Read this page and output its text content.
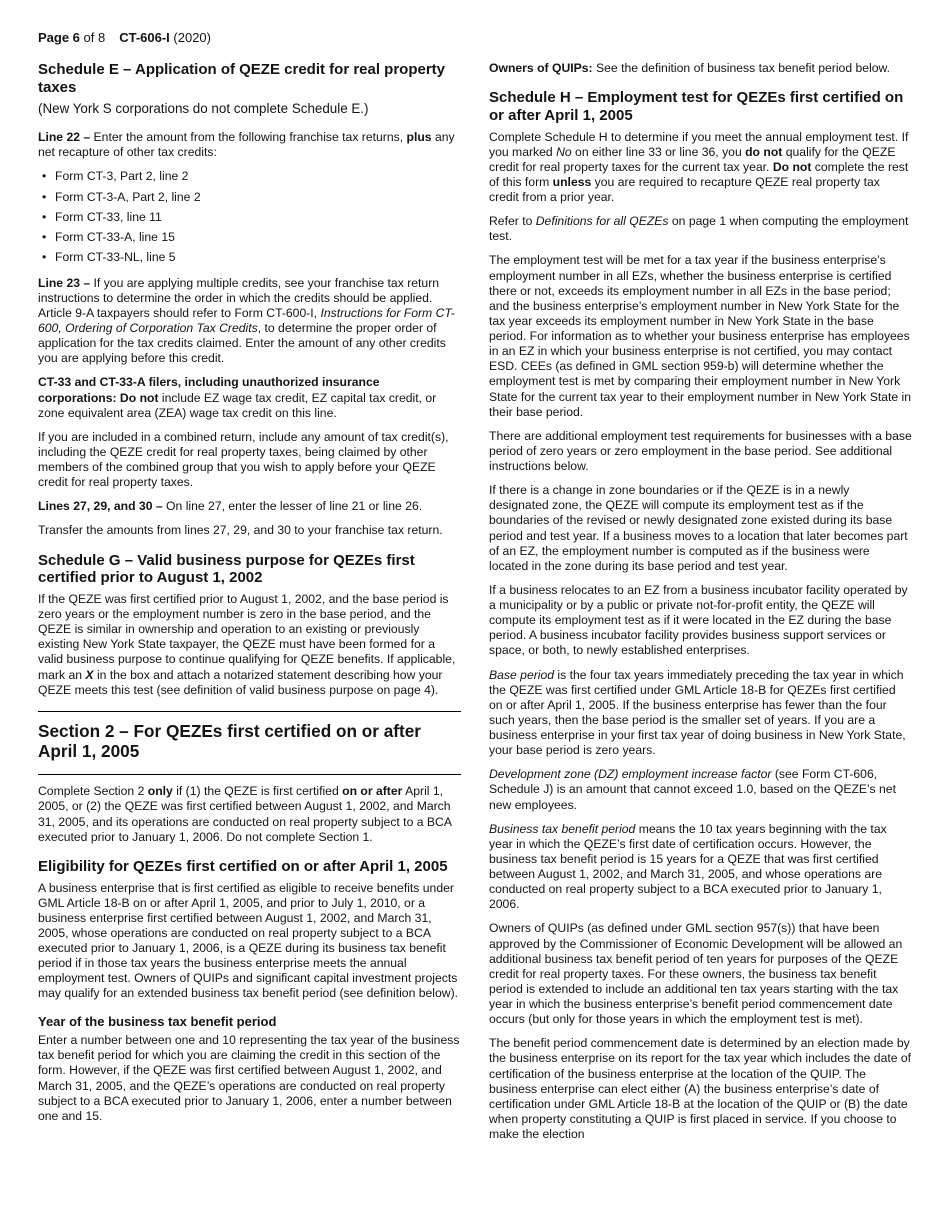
Page 6 of 8 CT-606-I (2020)
Schedule E – Application of QEZE credit for real property taxes
(New York S corporations do not complete Schedule E.)
Line 22 – Enter the amount from the following franchise tax returns, plus any net recapture of other tax credits:
• Form CT-3, Part 2, line 2
• Form CT-3-A, Part 2, line 2
• Form CT-33, line 11
• Form CT-33-A, line 15
• Form CT-33-NL, line 5
Line 23 – If you are applying multiple credits, see your franchise tax return instructions to determine the order in which the credits should be applied. Article 9-A taxpayers should refer to Form CT-600-I, Instructions for Form CT-600, Ordering of Corporation Tax Credits, to determine the proper order of application for the tax credits claimed. Enter the amount of any other credits you are applying before this credit.
CT-33 and CT-33-A filers, including unauthorized insurance corporations: Do not include EZ wage tax credit, EZ capital tax credit, or zone equivalent area (ZEA) wage tax credit on this line.
If you are included in a combined return, include any amount of tax credit(s), including the QEZE credit for real property taxes, being claimed by other members of the combined group that you wish to apply before your QEZE credit for real property taxes.
Lines 27, 29, and 30 – On line 27, enter the lesser of line 21 or line 26.
Transfer the amounts from lines 27, 29, and 30 to your franchise tax return.
Schedule G – Valid business purpose for QEZEs first certified prior to August 1, 2002
If the QEZE was first certified prior to August 1, 2002, and the base period is zero years or the employment number is zero in the base period, and the QEZE is similar in ownership and operation to an existing or previously existing New York State taxpayer, the QEZE must have been formed for a valid business purpose to continue qualifying for QEZE benefits. If applicable, mark an X in the box and attach a notarized statement describing how your QEZE meets this test (see definition of valid business purpose on page 4).
Section 2 – For QEZEs first certified on or after April 1, 2005
Complete Section 2 only if (1) the QEZE is first certified on or after April 1, 2005, or (2) the QEZE was first certified between August 1, 2002, and March 31, 2005, and its operations are conducted on real property subject to a BCA executed prior to January 1, 2006. Do not complete Section 1.
Eligibility for QEZEs first certified on or after April 1, 2005
A business enterprise that is first certified as eligible to receive benefits under GML Article 18-B on or after April 1, 2005, and prior to July 1, 2010, or a business enterprise first certified between August 1, 2002, and March 31, 2005, whose operations are conducted on real property subject to a BCA executed prior to January 1, 2006, is a QEZE during its business tax benefit period if in those tax years the business enterprise meets the annual employment test. Owners of QUIPs and significant capital investment projects may qualify for an extended business tax benefit period (see definition below).
Year of the business tax benefit period
Enter a number between one and 10 representing the tax year of the business tax benefit period for which you are claiming the credit in this section of the form. However, if the QEZE was first certified between August 1, 2002, and March 31, 2005, and the QEZE’s operations are conducted on real property subject to a BCA executed prior to January 1, 2006, enter a number between one and 15.
Owners of QUIPs: See the definition of business tax benefit period below.
Schedule H – Employment test for QEZEs first certified on or after April 1, 2005
Complete Schedule H to determine if you meet the annual employment test. If you marked No on either line 33 or line 36, you do not qualify for the QEZE credit for real property taxes for the current tax year. Do not complete the rest of this form unless you are required to recapture QEZE real property tax credit from a prior year.
Refer to Definitions for all QEZEs on page 1 when computing the employment test.
The employment test will be met for a tax year if the business enterprise’s employment number in all EZs, whether the business enterprise is certified there or not, exceeds its employment number in all EZs in the base period; and the business enterprise’s employment number in New York State for the tax year exceeds its employment number in New York State in the base period. For information as to whether your business enterprise has employees in an EZ in which your business enterprise is not certified, you may contact ESD. CEEs (as defined in GML section 959-b) will determine whether the employment test is met by comparing their employment number in New York State for the current tax year to their employment number in New York State in their base period.
There are additional employment test requirements for businesses with a base period of zero years or zero employment in the base period. See additional instructions below.
If there is a change in zone boundaries or if the QEZE is in a newly designated zone, the QEZE will compute its employment test as if the boundaries of the revised or newly designated zone existed during its base period and test year. If a business moves to a location that later becomes part of an EZ, the employment number is computed as if the business were located in the zone during its base period and test year.
If a business relocates to an EZ from a business incubator facility operated by a municipality or by a public or private not-for-profit entity, the QEZE will compute its employment test as if it were located in the EZ during the base period. A business incubator facility provides business support services or space, or both, to newly established enterprises.
Base period is the four tax years immediately preceding the tax year in which the QEZE was first certified under GML Article 18-B for QEZEs first certified on or after April 1, 2005. If the business enterprise has fewer than the four such years, then the base period is the smaller set of years. If you are a business enterprise in your first tax year of doing business in New York State, your base period is zero years.
Development zone (DZ) employment increase factor (see Form CT-606, Schedule J) is an amount that cannot exceed 1.0, based on the QEZE’s net new employees.
Business tax benefit period means the 10 tax years beginning with the tax year in which the QEZE’s first date of certification occurs. However, the business tax benefit period is 15 years for a QEZE that was first certified between August 1, 2002, and March 31, 2005, and whose operations are conducted on real property subject to a BCA executed prior to January 1, 2006.
Owners of QUIPs (as defined under GML section 957(s)) that have been approved by the Commissioner of Economic Development will be allowed an additional business tax benefit period of ten years for purposes of the QEZE credit for real property taxes. For these owners, the business tax benefit period is extended to include an additional ten tax years starting with the tax year in which the business enterprise’s benefit period commencement date occurs (but only for those years in which the employment test is met).
The benefit period commencement date is determined by an election made by the business enterprise on its report for the tax year which includes the date of certification of the business enterprise at the location of the QUIP. The business enterprise can elect either (A) the business enterprise’s date of certification under GML Article 18-B at the location of the QUIP or (B) the date when property constituting a QUIP is first placed in service. If you choose to make the election
